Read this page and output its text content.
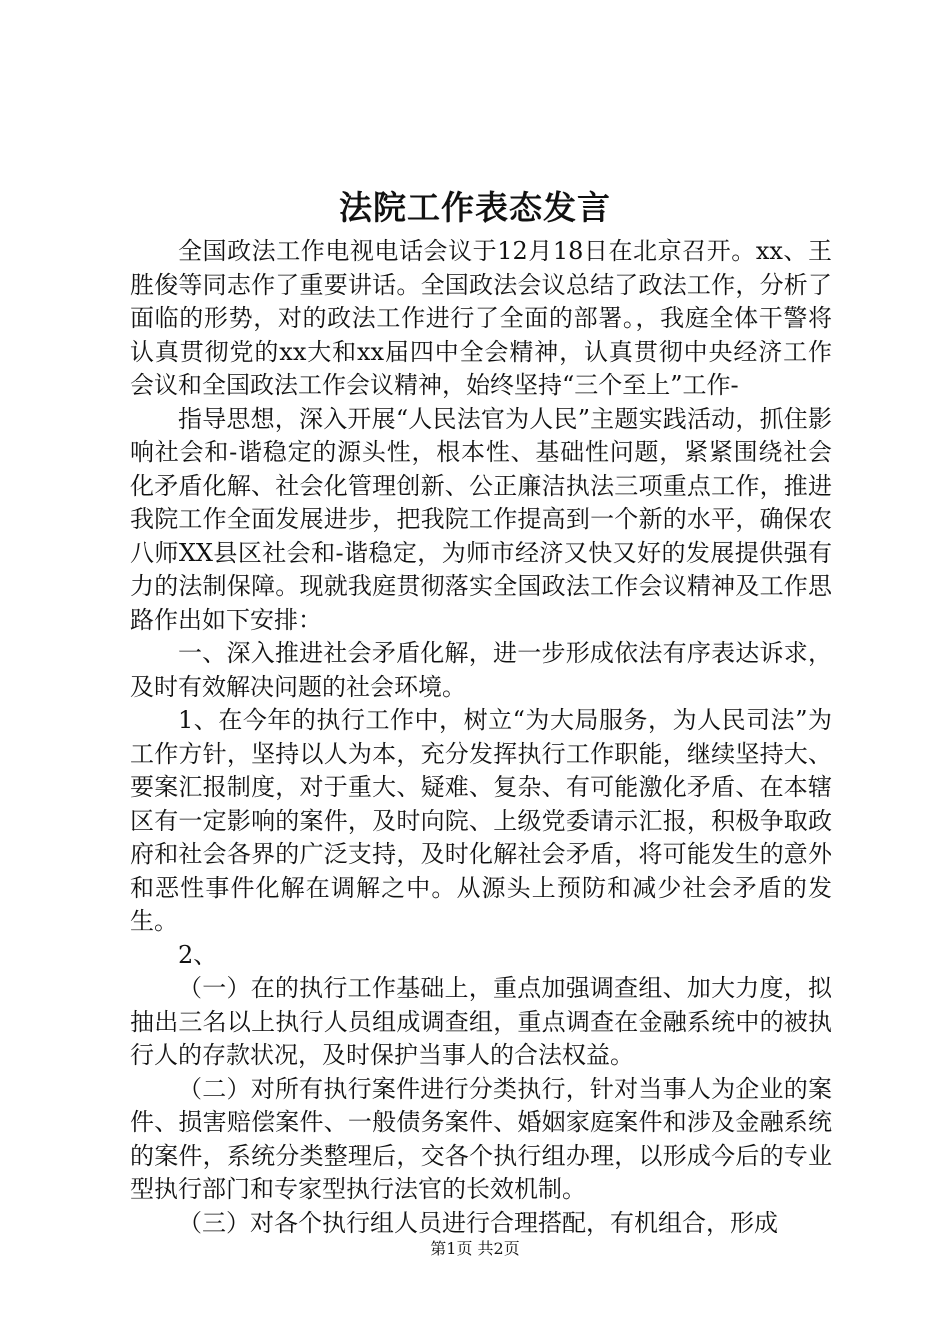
法院工作表态发言

全国政法工作电视电话会议于12月18日在北京召开。xx、王胜俊等同志作了重要讲话。全国政法会议总结了政法工作，分析了面临的形势，对的政法工作进行了全面的部署。，我庭全体干警将认真贯彻党的xx大和xx届四中全会精神，认真贯彻中央经济工作会议和全国政法工作会议精神，始终坚持“三个至上”工作-

指导思想，深入开展“人民法官为人民”主题实践活动，抓住影响社会和-谐稳定的源头性，根本性、基础性问题，紧紧围绕社会化矛盾化解、社会化管理创新、公正廉洁执法三项重点工作，推进我院工作全面发展进步，把我院工作提高到一个新的水平，确保农八师XX县区社会和-谐稳定，为师市经济又快又好的发展提供强有力的法制保障。现就我庭贯彻落实全国政法工作会议精神及工作思路作出如下安排：

一、深入推进社会矛盾化解，进一步形成依法有序表达诉求，及时有效解决问题的社会环境。

1、在今年的执行工作中，树立“为大局服务，为人民司法”为工作方针，坚持以人为本，充分发挥执行工作职能，继续坚持大、要案汇报制度，对于重大、疑难、复杂、有可能激化矛盾、在本辖区有一定影响的案件，及时向院、上级党委请示汇报，积极争取政府和社会各界的广泛支持，及时化解社会矛盾，将可能发生的意外和恶性事件化解在调解之中。从源头上预防和减少社会矛盾的发生。

2、

（一）在的执行工作基础上，重点加强调查组、加大力度，拟抽出三名以上执行人员组成调查组，重点调查在金融系统中的被执行人的存款状况，及时保护当事人的合法权益。

（二）对所有执行案件进行分类执行，针对当事人为企业的案件、损害赔偿案件、一般债务案件、婚姻家庭案件和涉及金融系统的案件，系统分类整理后，交各个执行组办理，以形成今后的专业型执行部门和专家型执行法官的长效机制。

（三）对各个执行组人员进行合理搭配，有机组合，形成

第1页 共2页
